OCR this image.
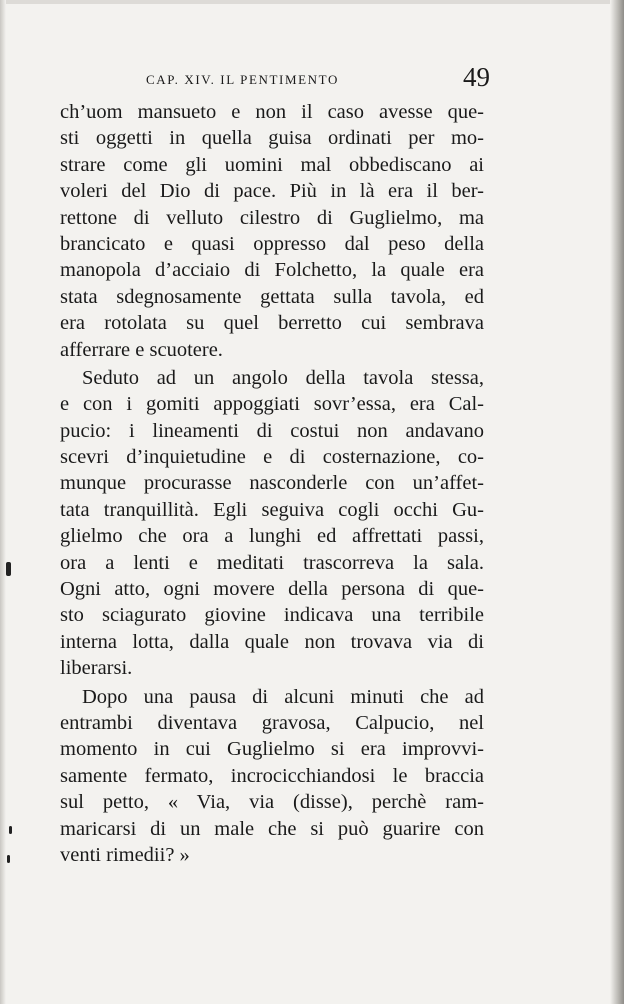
CAP. XIV. IL PENTIMENTO	49
ch’uom mansueto e non il caso avesse que-
sti oggetti in quella guisa ordinati per mo-
strare come gli uomini mal obbediscano ai
voleri del Dio di pace. Più in là era il ber-
rettone di velluto cilestro di Guglielmo, ma
brancicato e quasi oppresso dal peso della
manopola d’acciaio di Folchetto, la quale era
stata sdegnosamente gettata sulla tavola, ed
era rotolata su quel berretto cui sembrava
afferrare e scuotere.
Seduto ad un angolo della tavola stessa,
e con i gomiti appoggiati sovr’essa, era Cal-
pucio: i lineamenti di costui non andavano
scevri d’inquietudine e di costernazione, co-
munque procurasse nasconderle con un’affet-
tata tranquillità. Egli seguiva cogli occhi Gu-
glielmo che ora a lunghi ed affrettati passi,
ora a lenti e meditati trascorreva la sala.
Ogni atto, ogni movere della persona di que-
sto sciagurato giovine indicava una terribile
interna lotta, dalla quale non trovava via di
liberarsi.
Dopo una pausa di alcuni minuti che ad
entrambi diventava gravosa, Calpucio, nel
momento in cui Guglielmo si era improvvi-
samente fermato, incrocicchiandosi le braccia
sul petto, « Via, via (disse), perchè ram-
maricarsi di un male che si può guarire con
venti rimedii? »
